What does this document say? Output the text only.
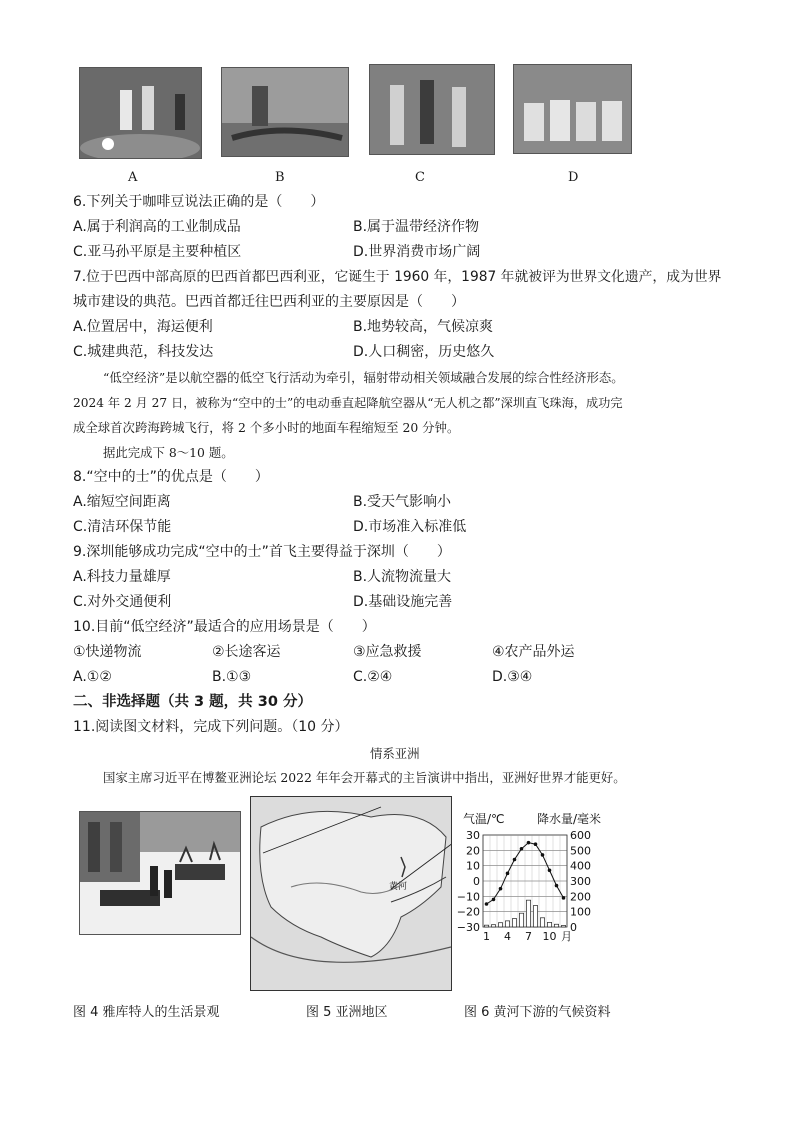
A	B	C	D
6.下列关于咖啡豆说法正确的是（　　）
A.属于利润高的工业制成品	B.属于温带经济作物
C.亚马孙平原是主要种植区	D.世界消费市场广阔
7.位于巴西中部高原的巴西首都巴西利亚，它诞生于 1960 年，1987 年就被评为世界文化遗产，成为世界
城市建设的典范。巴西首都迁往巴西利亚的主要原因是（　　）
A.位置居中，海运便利	B.地势较高，气候凉爽
C.城建典范，科技发达	D.人口稠密，历史悠久
“低空经济”是以航空器的低空飞行活动为牵引，辐射带动相关领域融合发展的综合性经济形态。
2024 年 2 月 27 日，被称为“空中的士”的电动垂直起降航空器从“无人机之都”深圳直飞珠海，成功完
成全球首次跨海跨城飞行，将 2 个多小时的地面车程缩短至 20 分钟。
据此完成下 8～10 题。
8.“空中的士”的优点是（　　）
A.缩短空间距离	B.受天气影响小
C.清洁环保节能	D.市场准入标准低
9.深圳能够成功完成“空中的士”首飞主要得益于深圳（　　）
A.科技力量雄厚	B.人流物流量大
C.对外交通便利	D.基础设施完善
10.目前“低空经济”最适合的应用场景是（　　）
①快递物流	②长途客运	③应急救援	④农产品外运
A.①②	B.①③	C.②④	D.③④
二、非选择题（共 3 题，共 30 分）
11.阅读图文材料，完成下列问题。（10 分）
情系亚洲
国家主席习近平在博鳌亚洲论坛 2022 年年会开幕式的主旨演讲中指出，亚洲好世界才能更好。
黄河
气温/℃	降水量/毫米
30
20
10
0
−10
−20
−30
600
500
400
300
200
100
0
1 4 7 10 月
图 4 雅库特人的生活景观	图 5 亚洲地区	图 6 黄河下游的气候资料
